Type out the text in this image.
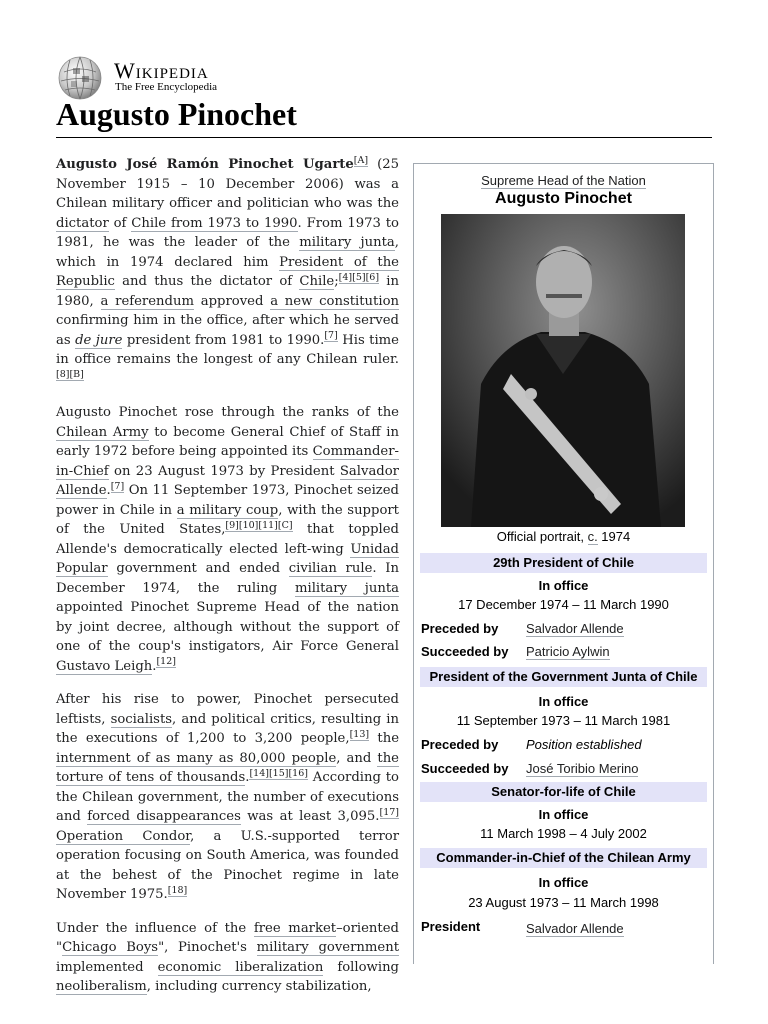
Wikipedia
The Free Encyclopedia
Augusto Pinochet

Augusto José Ramón Pinochet Ugarte[A] (25 November 1915 – 10 December 2006) was a Chilean military officer and politician who was the dictator of Chile from 1973 to 1990. From 1973 to 1981, he was the leader of the military junta, which in 1974 declared him President of the Republic and thus the dictator of Chile;[4][5][6] in 1980, a referendum approved a new constitution confirming him in the office, after which he served as de jure president from 1981 to 1990.[7] His time in office remains the longest of any Chilean ruler.[8][B]

Augusto Pinochet rose through the ranks of the Chilean Army to become General Chief of Staff in early 1972 before being appointed its Commander-in-Chief on 23 August 1973 by President Salvador Allende.[7] On 11 September 1973, Pinochet seized power in Chile in a military coup, with the support of the United States,[9][10][11][C] that toppled Allende's democratically elected left-wing Unidad Popular government and ended civilian rule. In December 1974, the ruling military junta appointed Pinochet Supreme Head of the nation by joint decree, although without the support of one of the coup's instigators, Air Force General Gustavo Leigh.[12]

After his rise to power, Pinochet persecuted leftists, socialists, and political critics, resulting in the executions of 1,200 to 3,200 people,[13] the internment of as many as 80,000 people, and the torture of tens of thousands.[14][15][16] According to the Chilean government, the number of executions and forced disappearances was at least 3,095.[17] Operation Condor, a U.S.-supported terror operation focusing on South America, was founded at the behest of the Pinochet regime in late November 1975.[18]

Under the influence of the free market–oriented "Chicago Boys", Pinochet's military government implemented economic liberalization following neoliberalism, including currency stabilization,

Supreme Head of the Nation
Augusto Pinochet
Official portrait, c. 1974
29th President of Chile
In office
17 December 1974 – 11 March 1990
Preceded by Salvador Allende
Succeeded by Patricio Aylwin
President of the Government Junta of Chile
In office
11 September 1973 – 11 March 1981
Preceded by Position established
Succeeded by José Toribio Merino
Senator-for-life of Chile
In office
11 March 1998 – 4 July 2002
Commander-in-Chief of the Chilean Army
In office
23 August 1973 – 11 March 1998
President	Salvador Allende
